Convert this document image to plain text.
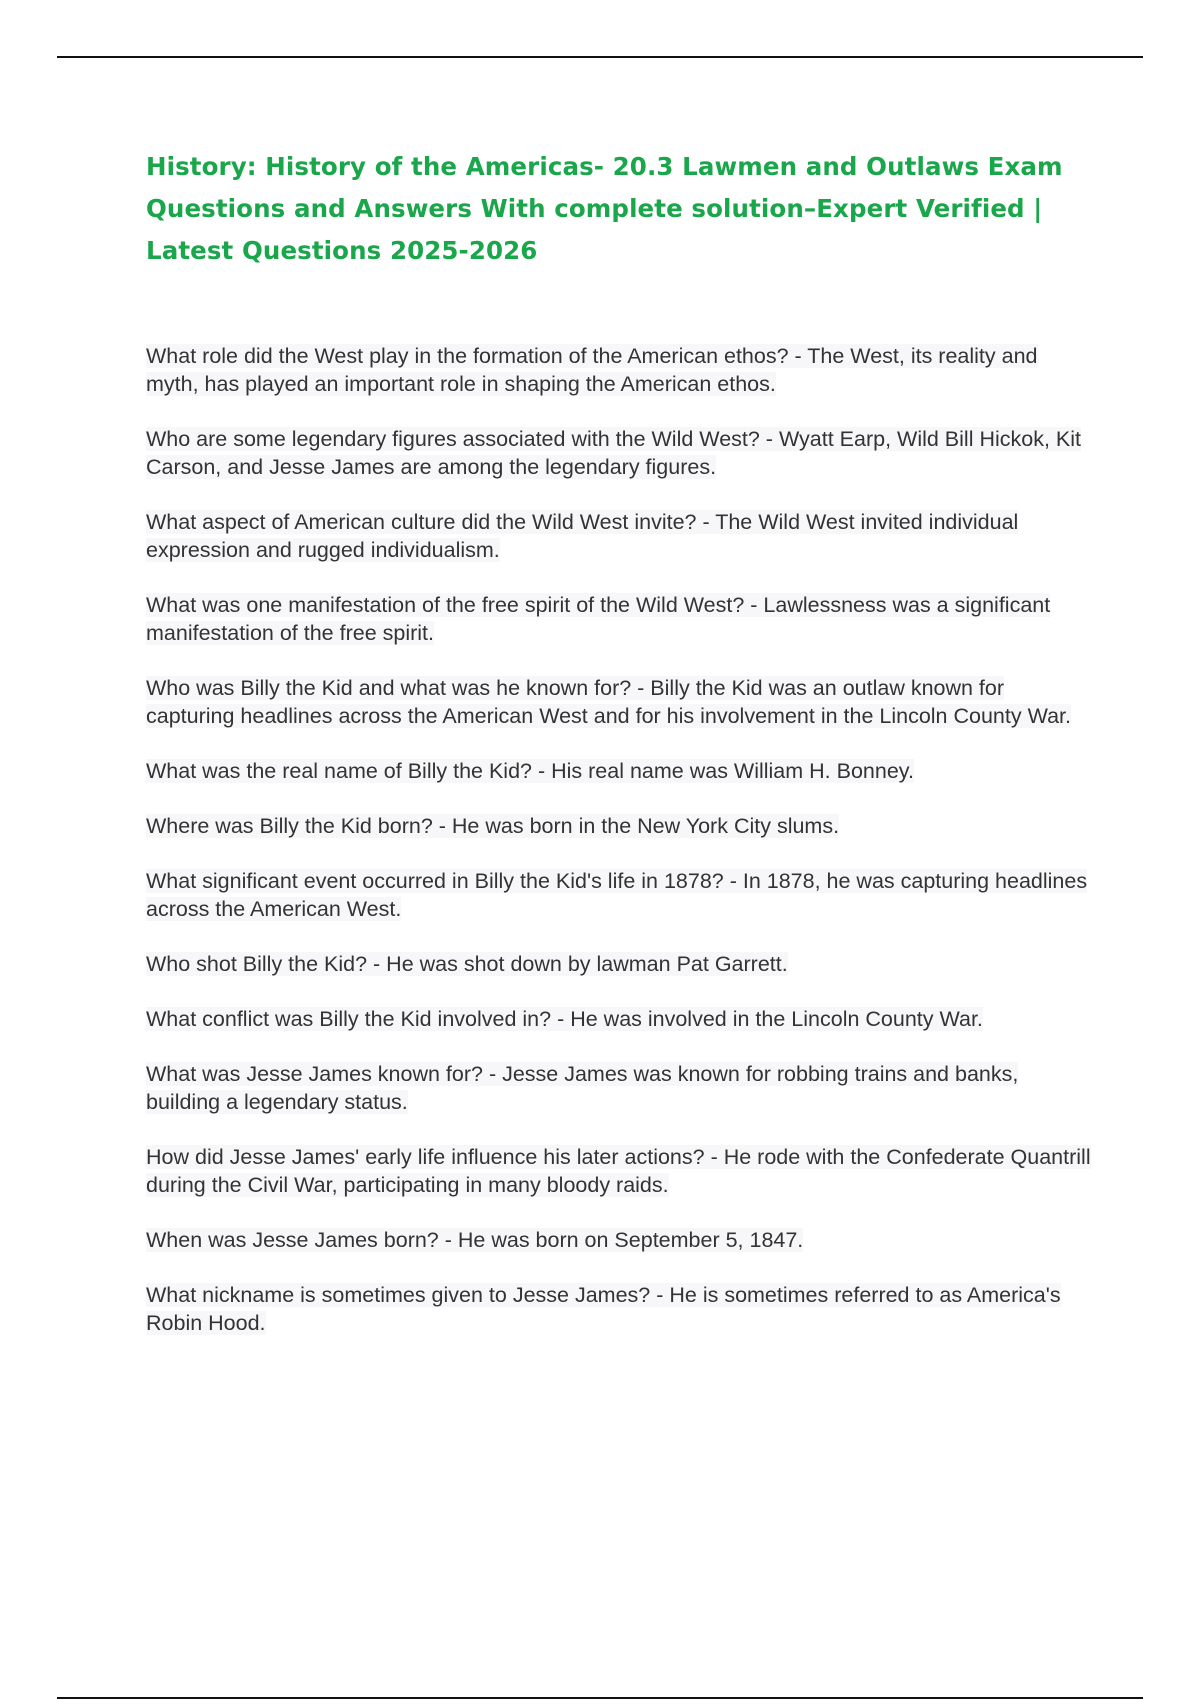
History: History of the Americas- 20.3 Lawmen and Outlaws Exam Questions and Answers With complete solution–Expert Verified | Latest Questions 2025-2026
What role did the West play in the formation of the American ethos? - The West, its reality and myth, has played an important role in shaping the American ethos.
Who are some legendary figures associated with the Wild West? - Wyatt Earp, Wild Bill Hickok, Kit Carson, and Jesse James are among the legendary figures.
What aspect of American culture did the Wild West invite? - The Wild West invited individual expression and rugged individualism.
What was one manifestation of the free spirit of the Wild West? - Lawlessness was a significant manifestation of the free spirit.
Who was Billy the Kid and what was he known for? - Billy the Kid was an outlaw known for capturing headlines across the American West and for his involvement in the Lincoln County War.
What was the real name of Billy the Kid? - His real name was William H. Bonney.
Where was Billy the Kid born? - He was born in the New York City slums.
What significant event occurred in Billy the Kid's life in 1878? - In 1878, he was capturing headlines across the American West.
Who shot Billy the Kid? - He was shot down by lawman Pat Garrett.
What conflict was Billy the Kid involved in? - He was involved in the Lincoln County War.
What was Jesse James known for? - Jesse James was known for robbing trains and banks, building a legendary status.
How did Jesse James' early life influence his later actions? - He rode with the Confederate Quantrill during the Civil War, participating in many bloody raids.
When was Jesse James born? - He was born on September 5, 1847.
What nickname is sometimes given to Jesse James? - He is sometimes referred to as America's Robin Hood.
